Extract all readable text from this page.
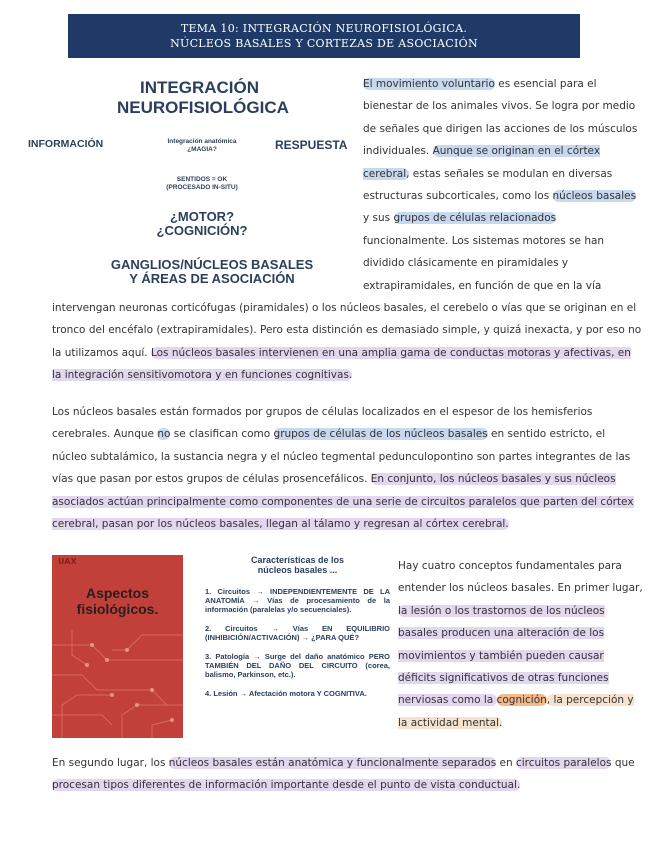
TEMA 10: INTEGRACIÓN NEUROFISIOLÓGICA.
NÚCLEOS BASALES Y CORTEZAS DE ASOCIACIÓN
INTEGRACIÓN
NEUROFISIOLÓGICA
INFORMACIÓN	Integración anatómica
¿MAGIA?	RESPUESTA
SENTIDOS = OK
(PROCESADO IN-SITU)
¿MOTOR?
¿COGNICIÓN?
GANGLIOS/NÚCLEOS BASALES
Y ÁREAS DE ASOCIACIÓN

El movimiento voluntario es esencial para el bienestar de los animales vivos. Se logra por medio de señales que dirigen las acciones de los músculos individuales. Aunque se originan en el córtex cerebral, estas señales se modulan en diversas estructuras subcorticales, como los núcleos basales y sus grupos de células relacionados funcionalmente. Los sistemas motores se han dividido clásicamente en piramidales y extrapiramidales, en función de que en la vía

intervengan neuronas corticófugas (piramidales) o los núcleos basales, el cerebelo o vías que se originan en el tronco del encéfalo (extrapiramidales). Pero esta distinción es demasiado simple, y quizá inexacta, y por eso no la utilizamos aquí. Los núcleos basales intervienen en una amplia gama de conductas motoras y afectivas, en la integración sensitivomotora y en funciones cognitivas.

Los núcleos basales están formados por grupos de células localizados en el espesor de los hemisferios cerebrales. Aunque no se clasifican como grupos de células de los núcleos basales en sentido estricto, el núcleo subtalámico, la sustancia negra y el núcleo tegmental pedunculopontino son partes integrantes de las vías que pasan por estos grupos de células prosencefálicos. En conjunto, los núcleos basales y sus núcleos asociados actúan principalmente como componentes de una serie de circuitos paralelos que parten del córtex cerebral, pasan por los núcleos basales, llegan al tálamo y regresan al córtex cerebral.

UAX
Aspectos
fisiológicos.
Características de los
núcleos basales ...
1. Circuitos → INDEPENDIENTEMENTE DE LA ANATOMÍA → Vías de procesamiento de la información (paralelas y/o secuenciales).
2. Circuitos → Vías EN EQUILIBRIO (INHIBICIÓN/ACTIVACIÓN) → ¿PARA QUÉ?
3. Patología → Surge del daño anatómico PERO TAMBIÉN DEL DAÑO DEL CIRCUITO (corea, balismo, Parkinson, etc.).
4. Lesión → Afectación motora Y COGNITIVA.

Hay cuatro conceptos fundamentales para entender los núcleos basales. En primer lugar, la lesión o los trastornos de los núcleos basales producen una alteración de los movimientos y también pueden causar déficits significativos de otras funciones nerviosas como la cognición, la percepción y la actividad mental.

En segundo lugar, los núcleos basales están anatómica y funcionalmente separados en circuitos paralelos que procesan tipos diferentes de información importante desde el punto de vista conductual.
